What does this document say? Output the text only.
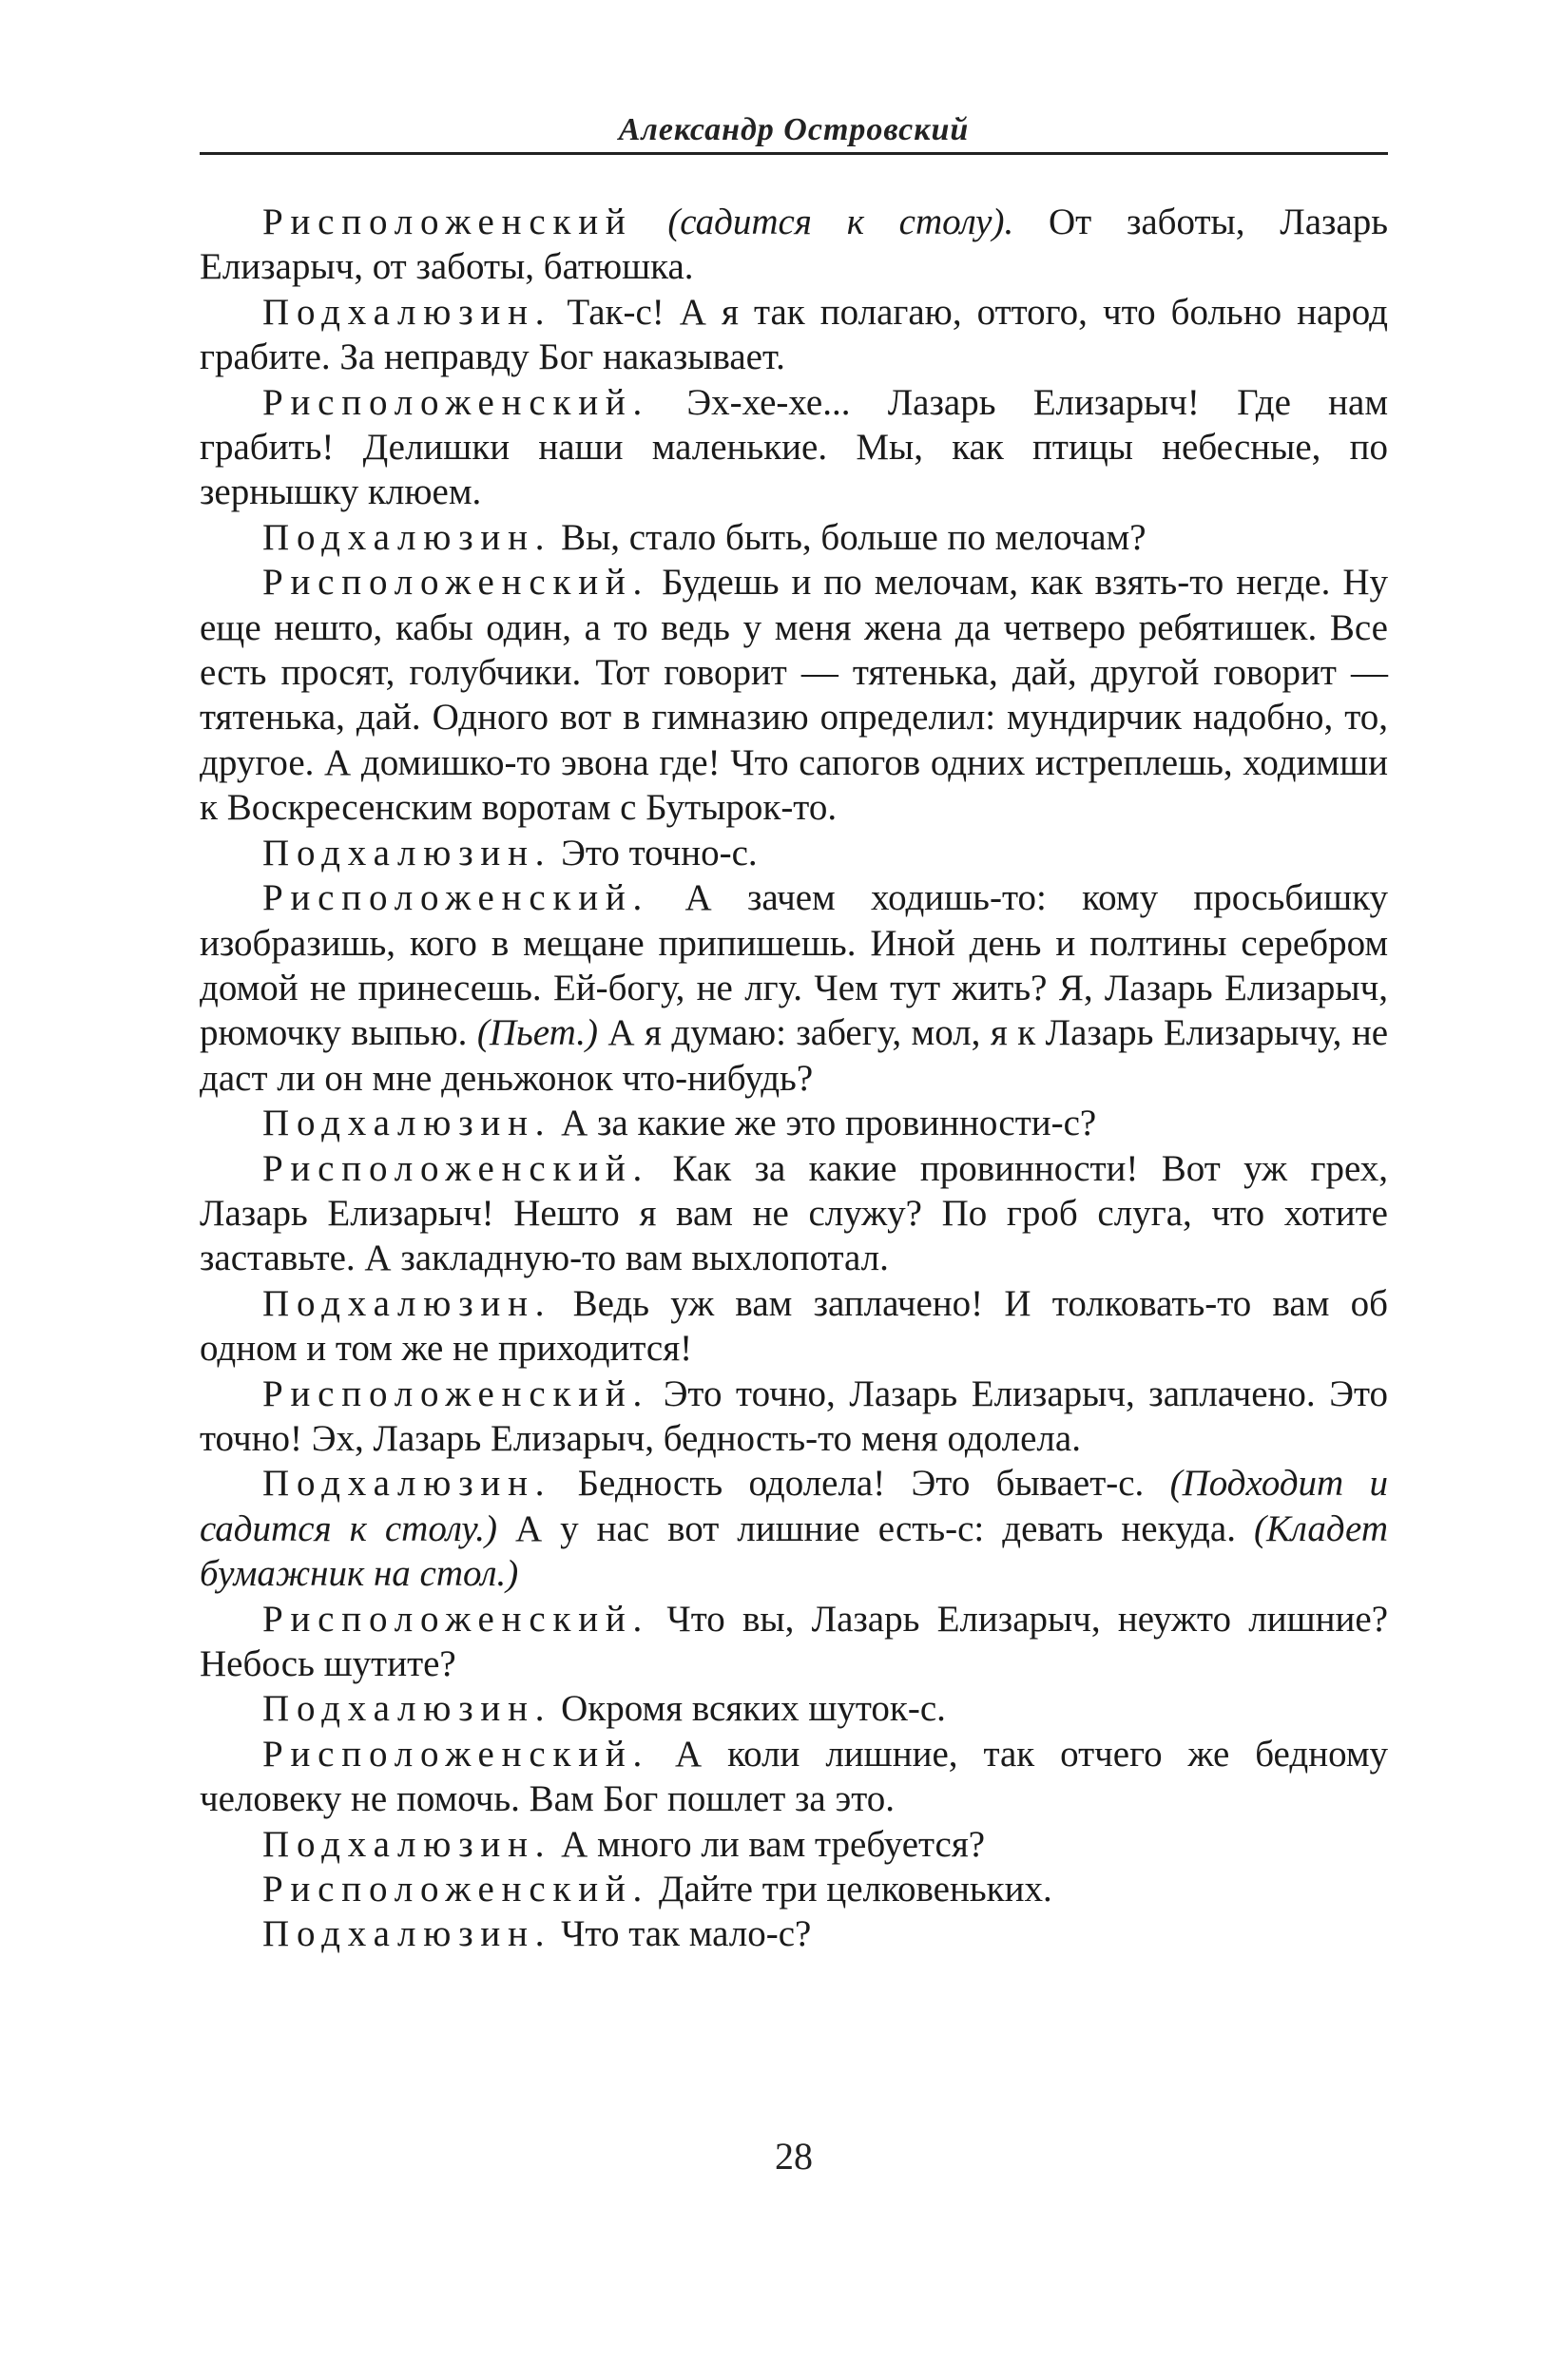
Александр Островский

Рисположенский (садится к столу). От заботы, Лазарь Елизарыч, от заботы, батюшка.

Подхалюзин. Так-с! А я так полагаю, оттого, что больно народ грабите. За неправду Бог наказывает.

Рисположенский. Эх-хе-хе... Лазарь Елизарыч! Где нам грабить! Делишки наши маленькие. Мы, как птицы небесные, по зернышку клюем.

Подхалюзин. Вы, стало быть, больше по мелочам?

Рисположенский. Будешь и по мелочам, как взять-то негде. Ну еще нешто, кабы один, а то ведь у меня жена да четверо ребятишек. Все есть просят, голубчики. Тот говорит — тятенька, дай, другой говорит — тятенька, дай. Одного вот в гимназию определил: мундирчик надобно, то, другое. А домишко-то эвона где! Что сапогов одних истреплешь, ходимши к Воскресенским воротам с Бутырок-то.

Подхалюзин. Это точно-с.

Рисположенский. А зачем ходишь-то: кому просьбишку изобразишь, кого в мещане припишешь. Иной день и полтины серебром домой не принесешь. Ей-богу, не лгу. Чем тут жить? Я, Лазарь Елизарыч, рюмочку выпью. (Пьет.) А я думаю: забегу, мол, я к Лазарь Елизарычу, не даст ли он мне деньжонок что-нибудь?

Подхалюзин. А за какие же это провинности-с?

Рисположенский. Как за какие провинности! Вот уж грех, Лазарь Елизарыч! Нешто я вам не служу? По гроб слуга, что хотите заставьте. А закладную-то вам выхлопотал.

Подхалюзин. Ведь уж вам заплачено! И толковать-то вам об одном и том же не приходится!

Рисположенский. Это точно, Лазарь Елизарыч, заплачено. Это точно! Эх, Лазарь Елизарыч, бедность-то меня одолела.

Подхалюзин. Бедность одолела! Это бывает-с. (Подходит и садится к столу.) А у нас вот лишние есть-с: девать некуда. (Кладет бумажник на стол.)

Рисположенский. Что вы, Лазарь Елизарыч, неужто лишние? Небось шутите?

Подхалюзин. Окромя всяких шуток-с.

Рисположенский. А коли лишние, так отчего же бедному человеку не помочь. Вам Бог пошлет за это.

Подхалюзин. А много ли вам требуется?

Рисположенский. Дайте три целковеньких.

Подхалюзин. Что так мало-с?

28
